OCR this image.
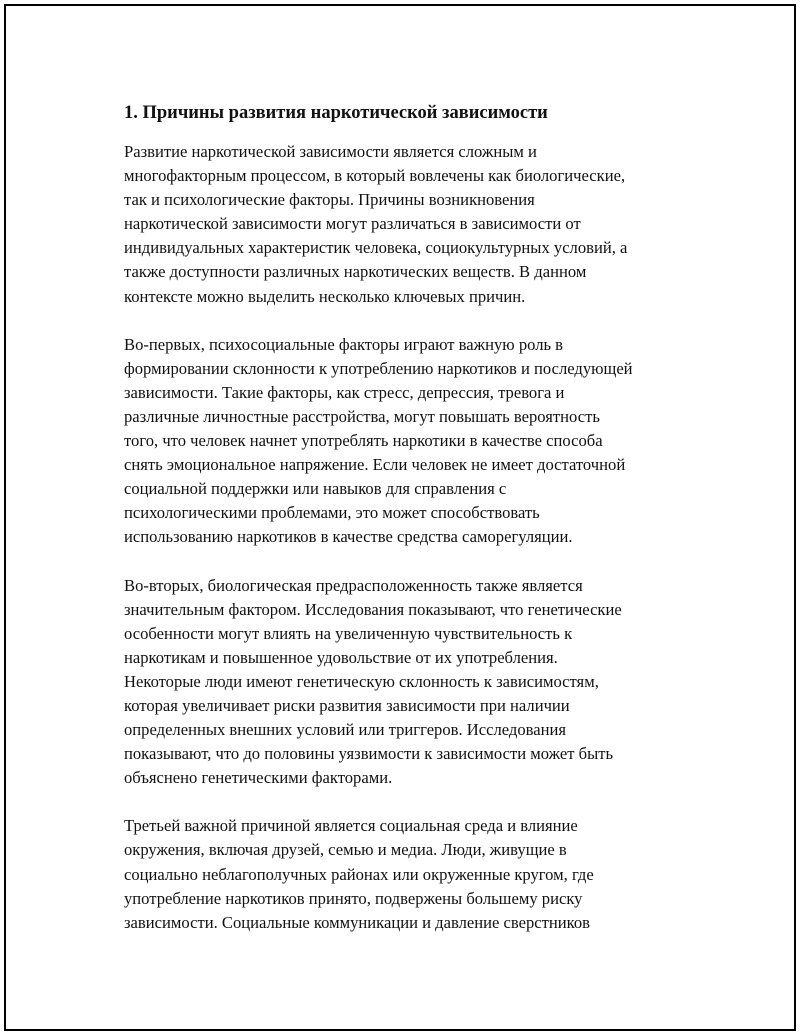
1. Причины развития наркотической зависимости
Развитие наркотической зависимости является сложным и
многофакторным процессом, в который вовлечены как биологические,
так и психологические факторы. Причины возникновения
наркотической зависимости могут различаться в зависимости от
индивидуальных характеристик человека, социокультурных условий, а
также доступности различных наркотических веществ. В данном
контексте можно выделить несколько ключевых причин.
Во-первых, психосоциальные факторы играют важную роль в
формировании склонности к употреблению наркотиков и последующей
зависимости. Такие факторы, как стресс, депрессия, тревога и
различные личностные расстройства, могут повышать вероятность
того, что человек начнет употреблять наркотики в качестве способа
снять эмоциональное напряжение. Если человек не имеет достаточной
социальной поддержки или навыков для справления с
психологическими проблемами, это может способствовать
использованию наркотиков в качестве средства саморегуляции.
Во-вторых, биологическая предрасположенность также является
значительным фактором. Исследования показывают, что генетические
особенности могут влиять на увеличенную чувствительность к
наркотикам и повышенное удовольствие от их употребления.
Некоторые люди имеют генетическую склонность к зависимостям,
которая увеличивает риски развития зависимости при наличии
определенных внешних условий или триггеров. Исследования
показывают, что до половины уязвимости к зависимости может быть
объяснено генетическими факторами.
Третьей важной причиной является социальная среда и влияние
окружения, включая друзей, семью и медиа. Люди, живущие в
социально неблагополучных районах или окруженные кругом, где
употребление наркотиков принято, подвержены большему риску
зависимости. Социальные коммуникации и давление сверстников
